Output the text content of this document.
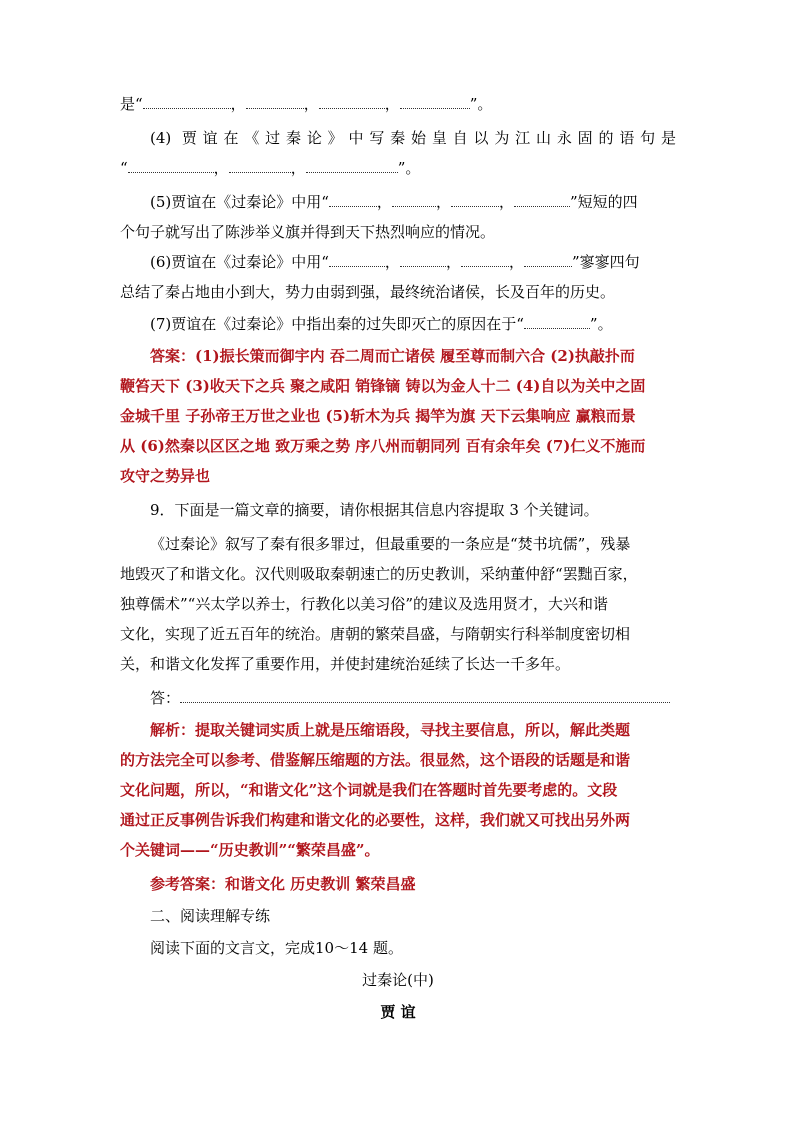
是“	，	，	，	”。
(4) 贾谊在《过秦论》中写秦始皇自以为江山永固的语句是
“	，	，	”。
(5)贾谊在《过秦论》中用“	，	，	，	”短短的四
个句子就写出了陈涉举义旗并得到天下热烈响应的情况。
(6)贾谊在《过秦论》中用“	，	，	，	”寥寥四句
总结了秦占地由小到大，势力由弱到强，最终统治诸侯，长及百年的历史。
(7)贾谊在《过秦论》中指出秦的过失即灭亡的原因在于“	”。
答案：(1)振长策而御宇内 吞二周而亡诸侯 履至尊而制六合 (2)执敲扑而
鞭笞天下 (3)收天下之兵 聚之咸阳 销锋镝 铸以为金人十二 (4)自以为关中之固
金城千里 子孙帝王万世之业也 (5)斩木为兵 揭竿为旗 天下云集响应 赢粮而景
从 (6)然秦以区区之地 致万乘之势 序八州而朝同列 百有余年矣 (7)仁义不施而
攻守之势异也
9．下面是一篇文章的摘要，请你根据其信息内容提取 3 个关键词。
《过秦论》叙写了秦有很多罪过，但最重要的一条应是“焚书坑儒”，残暴
地毁灭了和谐文化。汉代则吸取秦朝速亡的历史教训，采纳董仲舒“罢黜百家，
独尊儒术”“兴太学以养士，行教化以美习俗”的建议及选用贤才，大兴和谐
文化，实现了近五百年的统治。唐朝的繁荣昌盛，与隋朝实行科举制度密切相
关，和谐文化发挥了重要作用，并使封建统治延续了长达一千多年。
答：
解析：提取关键词实质上就是压缩语段，寻找主要信息，所以，解此类题
的方法完全可以参考、借鉴解压缩题的方法。很显然，这个语段的话题是和谐
文化问题，所以，“和谐文化”这个词就是我们在答题时首先要考虑的。文段
通过正反事例告诉我们构建和谐文化的必要性，这样，我们就又可找出另外两
个关键词——“历史教训”“繁荣昌盛”。
参考答案：和谐文化 历史教训 繁荣昌盛
二、阅读理解专练
阅读下面的文言文，完成10～14 题。
过秦论(中)
贾 谊
